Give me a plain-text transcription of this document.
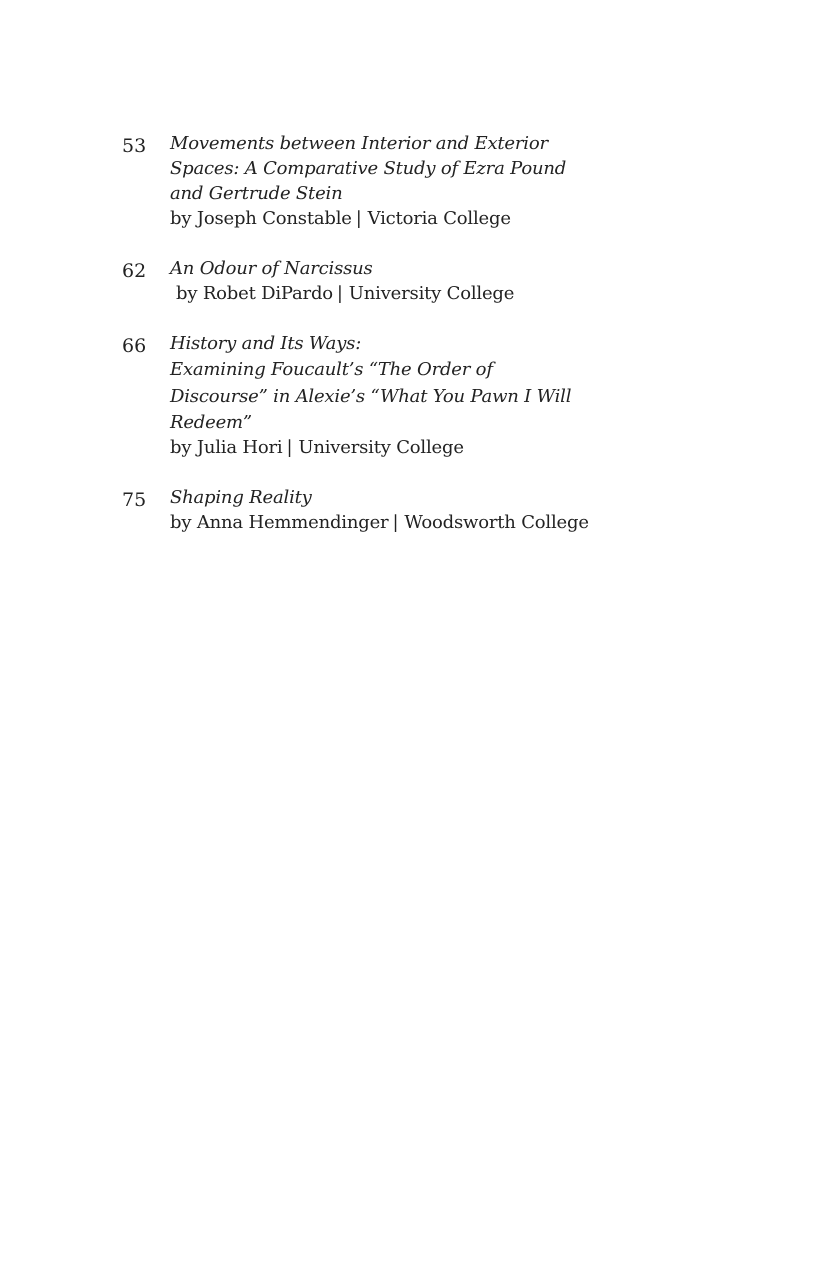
53 Movements between Interior and Exterior
Spaces: A Comparative Study of Ezra Pound
and Gertrude Stein
by Joseph Constable | Victoria College
62 An Odour of Narcissus
by Robet DiPardo | University College
66 History and Its Ways:
Examining Foucault’s “The Order of
Discourse” in Alexie’s “What You Pawn I Will
Redeem”
by Julia Hori | University College
75 Shaping Reality
by Anna Hemmendinger | Woodsworth College
